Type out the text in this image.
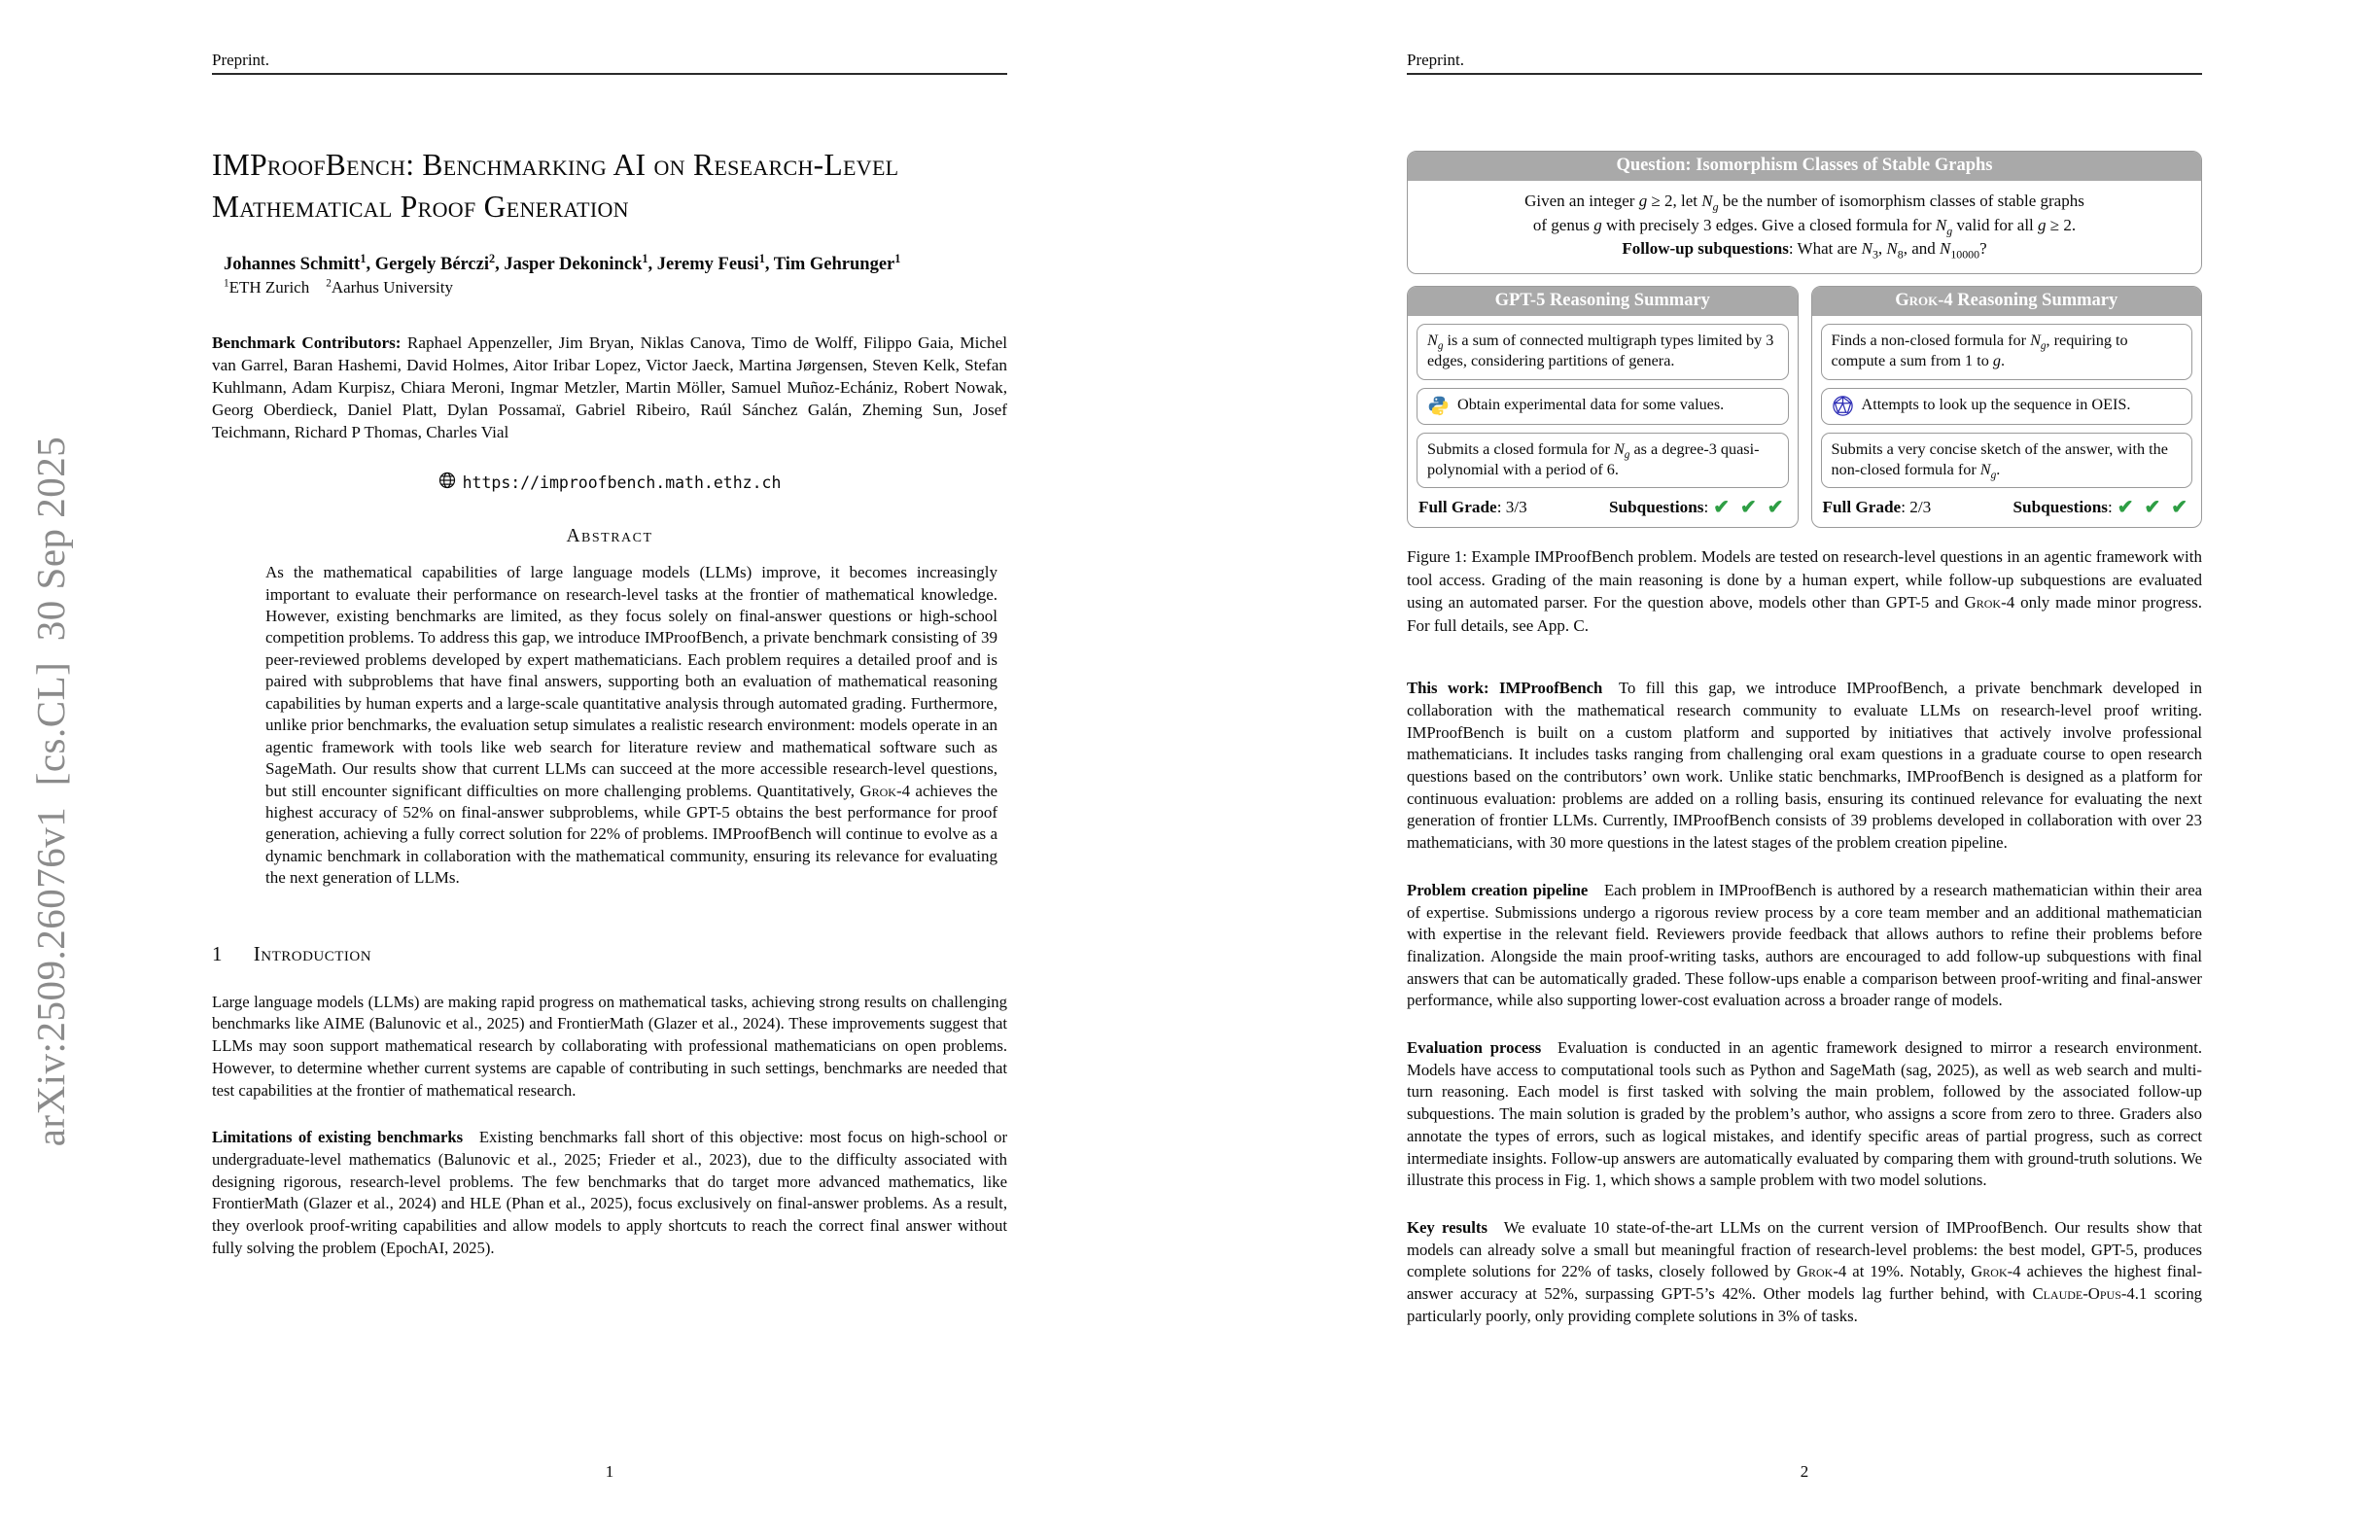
arXiv:2509.26076v1  [cs.CL]  30 Sep 2025
Preprint.
IMProofBench: Benchmarking AI on Research-Level Mathematical Proof Generation
Johannes Schmitt$^1$, Gergely Bérczi$^2$, Jasper Dekoninck$^1$, Jeremy Feusi$^1$, Tim Gehrunger$^1$
$^1$ETH Zurich    $^2$Aarhus University
Benchmark Contributors: Raphael Appenzeller, Jim Bryan, Niklas Canova, Timo de Wolff, Filippo Gaia, Michel van Garrel, Baran Hashemi, David Holmes, Aitor Iribar Lopez, Victor Jaeck, Martina Jørgensen, Steven Kelk, Stefan Kuhlmann, Adam Kurpisz, Chiara Meroni, Ingmar Metzler, Martin Möller, Samuel Muñoz-Echániz, Robert Nowak, Georg Oberdieck, Daniel Platt, Dylan Possamaï, Gabriel Ribeiro, Raúl Sánchez Galán, Zheming Sun, Josef Teichmann, Richard P Thomas, Charles Vial
https://improofbench.math.ethz.ch
Abstract
As the mathematical capabilities of large language models (LLMs) improve, it becomes increasingly important to evaluate their performance on research-level tasks at the frontier of mathematical knowledge. However, existing benchmarks are limited, as they focus solely on final-answer questions or high-school competition problems. To address this gap, we introduce IMProofBench, a private benchmark consisting of 39 peer-reviewed problems developed by expert mathematicians. Each problem requires a detailed proof and is paired with subproblems that have final answers, supporting both an evaluation of mathematical reasoning capabilities by human experts and a large-scale quantitative analysis through automated grading. Furthermore, unlike prior benchmarks, the evaluation setup simulates a realistic research environment: models operate in an agentic framework with tools like web search for literature review and mathematical software such as SageMath. Our results show that current LLMs can succeed at the more accessible research-level questions, but still encounter significant difficulties on more challenging problems. Quantitatively, Grok-4 achieves the highest accuracy of 52% on final-answer subproblems, while GPT-5 obtains the best performance for proof generation, achieving a fully correct solution for 22% of problems. IMProofBench will continue to evolve as a dynamic benchmark in collaboration with the mathematical community, ensuring its relevance for evaluating the next generation of LLMs.
1 Introduction
Large language models (LLMs) are making rapid progress on mathematical tasks, achieving strong results on challenging benchmarks like AIME (Balunovic et al., 2025) and FrontierMath (Glazer et al., 2024). These improvements suggest that LLMs may soon support mathematical research by collaborating with professional mathematicians on open problems. However, to determine whether current systems are capable of contributing in such settings, benchmarks are needed that test capabilities at the frontier of mathematical research.
Limitations of existing benchmarks Existing benchmarks fall short of this objective: most focus on high-school or undergraduate-level mathematics (Balunovic et al., 2025; Frieder et al., 2023), due to the difficulty associated with designing rigorous, research-level problems. The few benchmarks that do target more advanced mathematics, like FrontierMath (Glazer et al., 2024) and HLE (Phan et al., 2025), focus exclusively on final-answer problems. As a result, they overlook proof-writing capabilities and allow models to apply shortcuts to reach the correct final answer without fully solving the problem (EpochAI, 2025).
1
Preprint.
Question: Isomorphism Classes of Stable Graphs
Given an integer g ≥ 2, let $N_g$ be the number of isomorphism classes of stable graphs
of genus g with precisely 3 edges. Give a closed formula for $N_g$ valid for all g ≥ 2.
Follow-up subquestions: What are $N_3$, $N_8$, and $N_{10000}$?
GPT-5 Reasoning Summary
$N_g$ is a sum of connected multigraph types limited by 3 edges, considering partitions of genera.
Obtain experimental data for some values.
Submits a closed formula for $N_g$ as a degree-3 quasi-polynomial with a period of 6.
Full Grade: 3/3	Subquestions: ✔ ✔ ✔
Grok-4 Reasoning Summary
Finds a non-closed formula for $N_g$, requiring to compute a sum from 1 to g.
Attempts to look up the sequence in OEIS.
Submits a very concise sketch of the answer, with the non-closed formula for $N_g$.
Full Grade: 2/3	Subquestions: ✔ ✔ ✔
Figure 1: Example IMProofBench problem. Models are tested on research-level questions in an agentic framework with tool access. Grading of the main reasoning is done by a human expert, while follow-up subquestions are evaluated using an automated parser. For the question above, models other than GPT-5 and Grok-4 only made minor progress. For full details, see App. C.
This work: IMProofBench To fill this gap, we introduce IMProofBench, a private benchmark developed in collaboration with the mathematical research community to evaluate LLMs on research-level proof writing. IMProofBench is built on a custom platform and supported by initiatives that actively involve professional mathematicians. It includes tasks ranging from challenging oral exam questions in a graduate course to open research questions based on the contributors’ own work. Unlike static benchmarks, IMProofBench is designed as a platform for continuous evaluation: problems are added on a rolling basis, ensuring its continued relevance for evaluating the next generation of frontier LLMs. Currently, IMProofBench consists of 39 problems developed in collaboration with over 23 mathematicians, with 30 more questions in the latest stages of the problem creation pipeline.
Problem creation pipeline Each problem in IMProofBench is authored by a research mathematician within their area of expertise. Submissions undergo a rigorous review process by a core team member and an additional mathematician with expertise in the relevant field. Reviewers provide feedback that allows authors to refine their problems before finalization. Alongside the main proof-writing tasks, authors are encouraged to add follow-up subquestions with final answers that can be automatically graded. These follow-ups enable a comparison between proof-writing and final-answer performance, while also supporting lower-cost evaluation across a broader range of models.
Evaluation process Evaluation is conducted in an agentic framework designed to mirror a research environment. Models have access to computational tools such as Python and SageMath (sag, 2025), as well as web search and multi-turn reasoning. Each model is first tasked with solving the main problem, followed by the associated follow-up subquestions. The main solution is graded by the problem’s author, who assigns a score from zero to three. Graders also annotate the types of errors, such as logical mistakes, and identify specific areas of partial progress, such as correct intermediate insights. Follow-up answers are automatically evaluated by comparing them with ground-truth solutions. We illustrate this process in Fig. 1, which shows a sample problem with two model solutions.
Key results We evaluate 10 state-of-the-art LLMs on the current version of IMProofBench. Our results show that models can already solve a small but meaningful fraction of research-level problems: the best model, GPT-5, produces complete solutions for 22% of tasks, closely followed by Grok-4 at 19%. Notably, Grok-4 achieves the highest final-answer accuracy at 52%, surpassing GPT-5’s 42%. Other models lag further behind, with Claude-Opus-4.1 scoring particularly poorly, only providing complete solutions in 3% of tasks.
2
